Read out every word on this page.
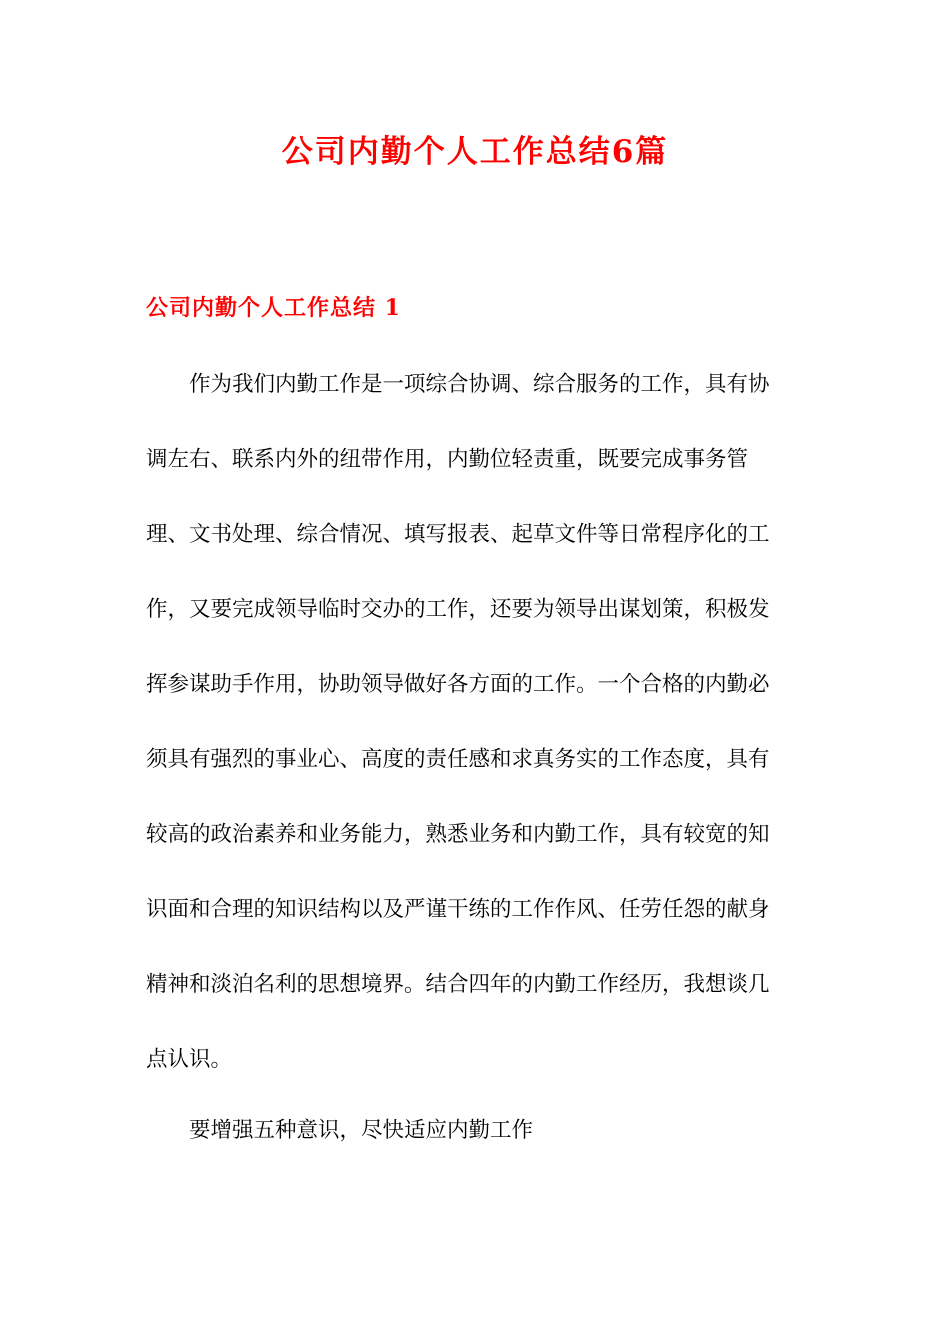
公司内勤个人工作总结6篇
公司内勤个人工作总结 1
作为我们内勤工作是一项综合协调、综合服务的工作，具有协
调左右、联系内外的纽带作用，内勤位轻责重，既要完成事务管
理、文书处理、综合情况、填写报表、起草文件等日常程序化的工
作，又要完成领导临时交办的工作，还要为领导出谋划策，积极发
挥参谋助手作用，协助领导做好各方面的工作。一个合格的内勤必
须具有强烈的事业心、高度的责任感和求真务实的工作态度，具有
较高的政治素养和业务能力，熟悉业务和内勤工作，具有较宽的知
识面和合理的知识结构以及严谨干练的工作作风、任劳任怨的献身
精神和淡泊名利的思想境界。结合四年的内勤工作经历，我想谈几
点认识。
要增强五种意识，尽快适应内勤工作
